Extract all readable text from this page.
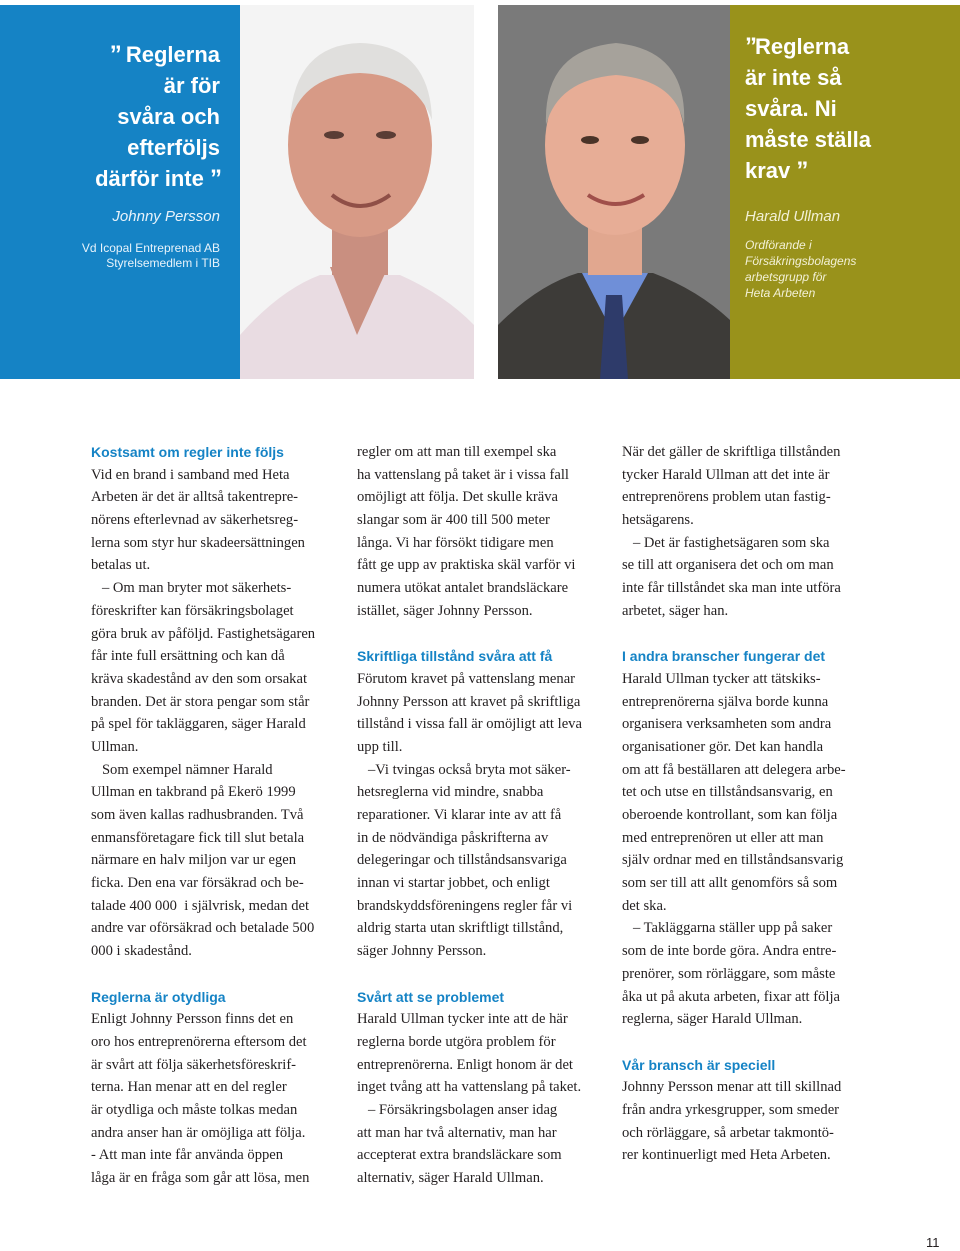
” Reglerna
är för
svåra och
efterföljs
därför inte ”
Johnny Persson
Vd Icopal Entreprenad AB
Styrelsemedlem i TIB
”Reglerna
är inte så
svåra. Ni
måste ställa
krav ”
Harald Ullman
Ordförande i
Försäkringsbolagens
arbetsgrupp för
Heta Arbeten
Kostsamt om regler inte följs
Vid en brand i samband med Heta
Arbeten är det är alltså takentrepre-
nörens efterlevnad av säkerhetsreg-
lerna som styr hur skadeersättningen
betalas ut.
– Om man bryter mot säkerhets-
föreskrifter kan försäkringsbolaget
göra bruk av påföljd. Fastighetsägaren
får inte full ersättning och kan då
kräva skadestånd av den som orsakat
branden. Det är stora pengar som står
på spel för takläggaren, säger Harald
Ullman.
Som exempel nämner Harald
Ullman en takbrand på Ekerö 1999
som även kallas radhusbranden. Två
enmansföretagare fick till slut betala
närmare en halv miljon var ur egen
ficka. Den ena var försäkrad och be-
talade 400 000  i självrisk, medan det
andre var oförsäkrad och betalade 500
000 i skadestånd.
Reglerna är otydliga
Enligt Johnny Persson finns det en
oro hos entreprenörerna eftersom det
är svårt att följa säkerhetsföreskrif-
terna. Han menar att en del regler
är otydliga och måste tolkas medan
andra anser han är omöjliga att följa.
- Att man inte får använda öppen
låga är en fråga som går att lösa, men
regler om att man till exempel ska
ha vattenslang på taket är i vissa fall
omöjligt att följa. Det skulle kräva
slangar som är 400 till 500 meter
långa. Vi har försökt tidigare men
fått ge upp av praktiska skäl varför vi
numera utökat antalet brandsläckare
istället, säger Johnny Persson.
Skriftliga tillstånd svåra att få
Förutom kravet på vattenslang menar
Johnny Persson att kravet på skriftliga
tillstånd i vissa fall är omöjligt att leva
upp till.
–Vi tvingas också bryta mot säker-
hetsreglerna vid mindre, snabba
reparationer. Vi klarar inte av att få
in de nödvändiga påskrifterna av
delegeringar och tillståndsansvariga
innan vi startar jobbet, och enligt
brandskyddsföreningens regler får vi
aldrig starta utan skriftligt tillstånd,
säger Johnny Persson.
Svårt att se problemet
Harald Ullman tycker inte att de här
reglerna borde utgöra problem för
entreprenörerna. Enligt honom är det
inget tvång att ha vattenslang på taket.
– Försäkringsbolagen anser idag
att man har två alternativ, man har
accepterat extra brandsläckare som
alternativ, säger Harald Ullman.
När det gäller de skriftliga tillstånden
tycker Harald Ullman att det inte är
entreprenörens problem utan fastig-
hetsägarens.
– Det är fastighetsägaren som ska
se till att organisera det och om man
inte får tillståndet ska man inte utföra
arbetet, säger han.
I andra branscher fungerar det
Harald Ullman tycker att tätskiks-
entreprenörerna själva borde kunna
organisera verksamheten som andra
organisationer gör. Det kan handla
om att få beställaren att delegera arbe-
tet och utse en tillståndsansvarig, en
oberoende kontrollant, som kan följa
med entreprenören ut eller att man
själv ordnar med en tillståndsansvarig
som ser till att allt genomförs så som
det ska.
– Takläggarna ställer upp på saker
som de inte borde göra. Andra entre-
prenörer, som rörläggare, som måste
åka ut på akuta arbeten, fixar att följa
reglerna, säger Harald Ullman.
Vår bransch är speciell
Johnny Persson menar att till skillnad
från andra yrkesgrupper, som smeder
och rörläggare, så arbetar takmontö-
rer kontinuerligt med Heta Arbeten.
11
